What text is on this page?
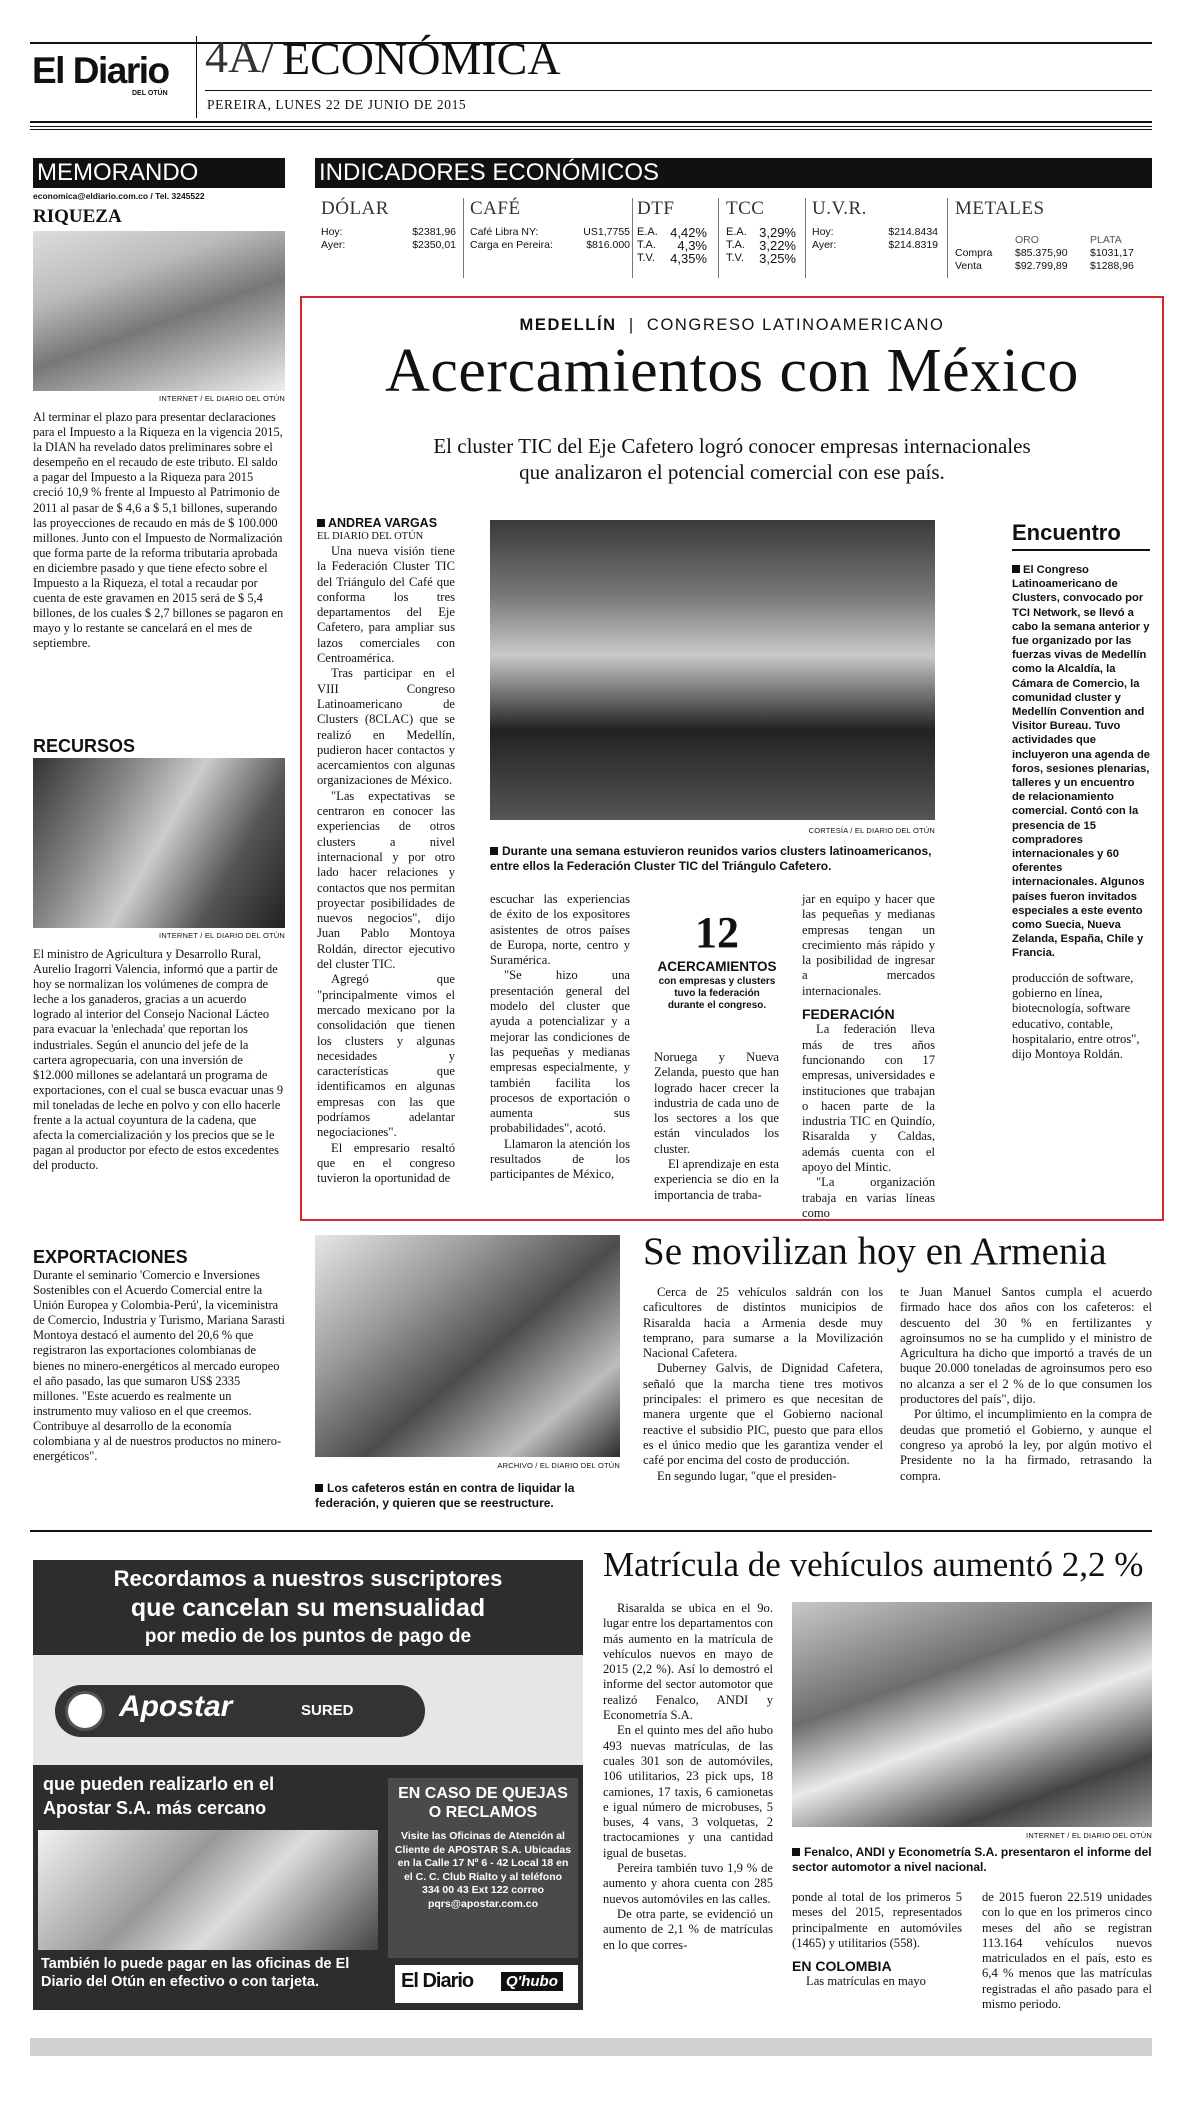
El Diario
DEL OTÚN
4A/ ECONÓMICA
PEREIRA, LUNES 22 DE JUNIO DE 2015
MEMORANDO
economica@eldiario.com.co / Tel. 3245522
RIQUEZA
INTERNET / EL DIARIO DEL OTÚN
Al terminar el plazo para presentar declaraciones para el Impuesto a la Riqueza en la vigencia 2015, la DIAN ha revelado datos preliminares sobre el desempeño en el recaudo de este tributo. El saldo a pagar del Impuesto a la Riqueza para 2015 creció 10,9 % frente al Impuesto al Patrimonio de 2011 al pasar de $ 4,6 a $ 5,1 billones, superando las proyecciones de recaudo en más de $ 100.000 millones. Junto con el Impuesto de Normalización que forma parte de la reforma tributaria aprobada en diciembre pasado y que tiene efecto sobre el Impuesto a la Riqueza, el total a recaudar por cuenta de este gravamen en 2015 será de $ 5,4 billones, de los cuales $ 2,7 billones se pagaron en mayo y lo restante se cancelará en el mes de septiembre.
RECURSOS
INTERNET / EL DIARIO DEL OTÚN
El ministro de Agricultura y Desarrollo Rural, Aurelio Iragorri Valencia, informó que a partir de hoy se normalizan los volúmenes de compra de leche a los ganaderos, gracias a un acuerdo logrado al interior del Consejo Nacional Lácteo para evacuar la 'enlechada' que reportan los industriales. Según el anuncio del jefe de la cartera agropecuaria, con una inversión de $12.000 millones se adelantará un programa de exportaciones, con el cual se busca evacuar unas 9 mil toneladas de leche en polvo y con ello hacerle frente a la actual coyuntura de la cadena, que afecta la comercialización y los precios que se le pagan al productor por efecto de estos excedentes del producto.
EXPORTACIONES
Durante el seminario 'Comercio e Inversiones Sostenibles con el Acuerdo Comercial entre la Unión Europea y Colombia-Perú', la viceministra de Comercio, Industria y Turismo, Mariana Sarasti Montoya destacó el aumento del 20,6 % que registraron las exportaciones colombianas de bienes no minero-energéticos al mercado europeo el año pasado, las que sumaron US$ 2335 millones. "Este acuerdo es realmente un instrumento muy valioso en el que creemos. Contribuye al desarrollo de la economía colombiana y al de nuestros productos no minero-energéticos".
INDICADORES ECONÓMICOS
DÓLAR
Hoy:	$2381,96
Ayer:	$2350,01
CAFÉ
Café Libra NY:	US1,7755
Carga en Pereira:	$816.000
DTF
E.A. 4,42%
T.A. 4,3%
T.V. 4,35%
TCC
E.A. 3,29%
T.A. 3,22%
T.V. 3,25%
U.V.R.
Hoy:	$214.8434
Ayer:	$214.8319
METALES
ORO	PLATA
Compra	$85.375,90	$1031,17
Venta	$92.799,89	$1288,96
MEDELLÍN | CONGRESO LATINOAMERICANO
Acercamientos con México
El cluster TIC del Eje Cafetero logró conocer empresas internacionales
que analizaron el potencial comercial con ese país.
ANDREA VARGAS
EL DIARIO DEL OTÚN

Una nueva visión tiene la Federación Cluster TIC del Triángulo del Café que conforma los tres departamentos del Eje Cafetero, para ampliar sus lazos comerciales con Centroamérica.

Tras participar en el VIII Congreso Latinoamericano de Clusters (8CLAC) que se realizó en Medellín, pudieron hacer contactos y acercamientos con algunas organizaciones de México.

"Las expectativas se centraron en conocer las experiencias de otros clusters a nivel internacional y por otro lado hacer relaciones y contactos que nos permitan proyectar posibilidades de nuevos negocios", dijo Juan Pablo Montoya Roldán, director ejecutivo del cluster TIC.

Agregó que "principalmente vimos el mercado mexicano por la consolidación que tienen los clusters y algunas necesidades y características que identificamos en algunas empresas con las que podríamos adelantar negociaciones".

El empresario resaltó que en el congreso tuvieron la oportunidad de

CORTESÍA / EL DIARIO DEL OTÚN
Durante una semana estuvieron reunidos varios clusters latinoamericanos, entre ellos la Federación Cluster TIC del Triángulo Cafetero.

escuchar las experiencias de éxito de los expositores asistentes de otros países de Europa, norte, centro y Suramérica.

"Se hizo una presentación general del modelo del cluster que ayuda a potencializar y a mejorar las condiciones de las pequeñas y medianas empresas especialmente, y también facilita los procesos de exportación o aumenta sus probabilidades", acotó.

Llamaron la atención los resultados de los participantes de México,

12
ACERCAMIENTOS
con empresas y clusters tuvo la federación durante el congreso.

Noruega y Nueva Zelanda, puesto que han logrado hacer crecer la industria de cada uno de los sectores a los que están vinculados los cluster.

El aprendizaje en esta experiencia se dio en la importancia de traba-

jar en equipo y hacer que las pequeñas y medianas empresas tengan un crecimiento más rápido y la posibilidad de ingresar a mercados internacionales.

FEDERACIÓN

La federación lleva más de tres años funcionando con 17 empresas, universidades e instituciones que trabajan o hacen parte de la industria TIC en Quindío, Risaralda y Caldas, además cuenta con el apoyo del Mintic.

"La organización trabaja en varias líneas como

Encuentro
El Congreso Latinoamericano de Clusters, convocado por TCI Network, se llevó a cabo la semana anterior y fue organizado por las fuerzas vivas de Medellín como la Alcaldía, la Cámara de Comercio, la comunidad cluster y Medellín Convention and Visitor Bureau. Tuvo actividades que incluyeron una agenda de foros, sesiones plenarias, talleres y un encuentro de relacionamiento comercial. Contó con la presencia de 15 compradores internacionales y 60 oferentes internacionales. Algunos países fueron invitados especiales a este evento como Suecia, Nueva Zelanda, España, Chile y Francia.
producción de software, gobierno en línea, biotecnología, software educativo, contable, hospitalario, entre otros", dijo Montoya Roldán.
ARCHIVO / EL DIARIO DEL OTÚN
Los cafeteros están en contra de liquidar la federación, y quieren que se reestructure.
Se movilizan hoy en Armenia

Cerca de 25 vehículos saldrán con los caficultores de distintos municipios de Risaralda hacia a Armenia desde muy temprano, para sumarse a la Movilización Nacional Cafetera.

Duberney Galvis, de Dignidad Cafetera, señaló que la marcha tiene tres motivos principales: el primero es que necesitan de manera urgente que el Gobierno nacional reactive el subsidio PIC, puesto que para ellos es el único medio que les garantiza vender el café por encima del costo de producción.

En segundo lugar, "que el presiden-

te Juan Manuel Santos cumpla el acuerdo firmado hace dos años con los cafeteros: el descuento del 30 % en fertilizantes y agroinsumos no se ha cumplido y el ministro de Agricultura ha dicho que importó a través de un buque 20.000 toneladas de agroinsumos pero eso no alcanza a ser el 2 % de lo que consumen los productores del país", dijo.

Por último, el incumplimiento en la compra de deudas que prometió el Gobierno, y aunque el congreso ya aprobó la ley, por algún motivo el Presidente no la ha firmado, retrasando la compra.

Recordamos a nuestros suscriptores
que cancelan su mensualidad
por medio de los puntos de pago de
Apostar	SURED
que pueden realizarlo en el
Apostar S.A. más cercano
EN CASO DE QUEJAS O RECLAMOS
Visite las Oficinas de Atención al Cliente de APOSTAR S.A. Ubicadas en la Calle 17 Nº 6 - 42 Local 18 en el C. C. Club Rialto y al teléfono 334 00 43 Ext 122 correo pqrs@apostar.com.co
También lo puede pagar en las oficinas de El Diario del Otún en efectivo o con tarjeta.	El Diario	Q'hubo
Matrícula de vehículos aumentó 2,2 %

Risaralda se ubica en el 9o. lugar entre los departamentos con más aumento en la matrícula de vehículos nuevos en mayo de 2015 (2,2 %). Así lo demostró el informe del sector automotor que realizó Fenalco, ANDI y Econometría S.A.

En el quinto mes del año hubo 493 nuevas matrículas, de las cuales 301 son de automóviles, 106 utilitarios, 23 pick ups, 18 camiones, 17 taxis, 6 camionetas e igual número de microbuses, 5 buses, 4 vans, 3 volquetas, 2 tractocamiones y una cantidad igual de busetas.

Pereira también tuvo 1,9 % de aumento y ahora cuenta con 285 nuevos automóviles en las calles.

De otra parte, se evidenció un aumento de 2,1 % de matrículas en lo que corres-

INTERNET / EL DIARIO DEL OTÚN
Fenalco, ANDI y Econometría S.A. presentaron el informe del sector automotor a nivel nacional.

ponde al total de los primeros 5 meses del 2015, representados principalmente en automóviles (1465) y utilitarios (558).

EN COLOMBIA

Las matrículas en mayo

de 2015 fueron 22.519 unidades con lo que en los primeros cinco meses del año se registran 113.164 vehículos nuevos matriculados en el país, esto es 6,4 % menos que las matrículas registradas el año pasado para el mismo periodo.
